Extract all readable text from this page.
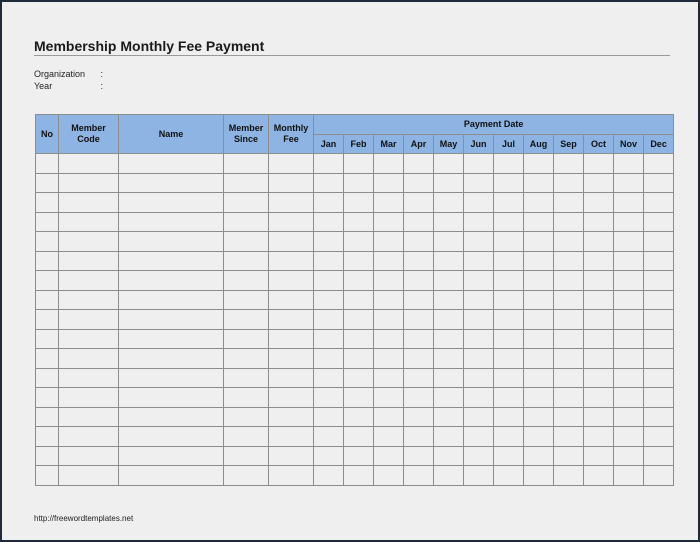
Membership Monthly Fee Payment
Organization :
Year	:
No	Member Code	Name	Member Since	Monthly Fee	Payment Date											
					Jan	Feb	Mar	Apr	May	Jun	Jul	Aug	Sep	Oct	Nov	Dec

http://freewordtemplates.net
